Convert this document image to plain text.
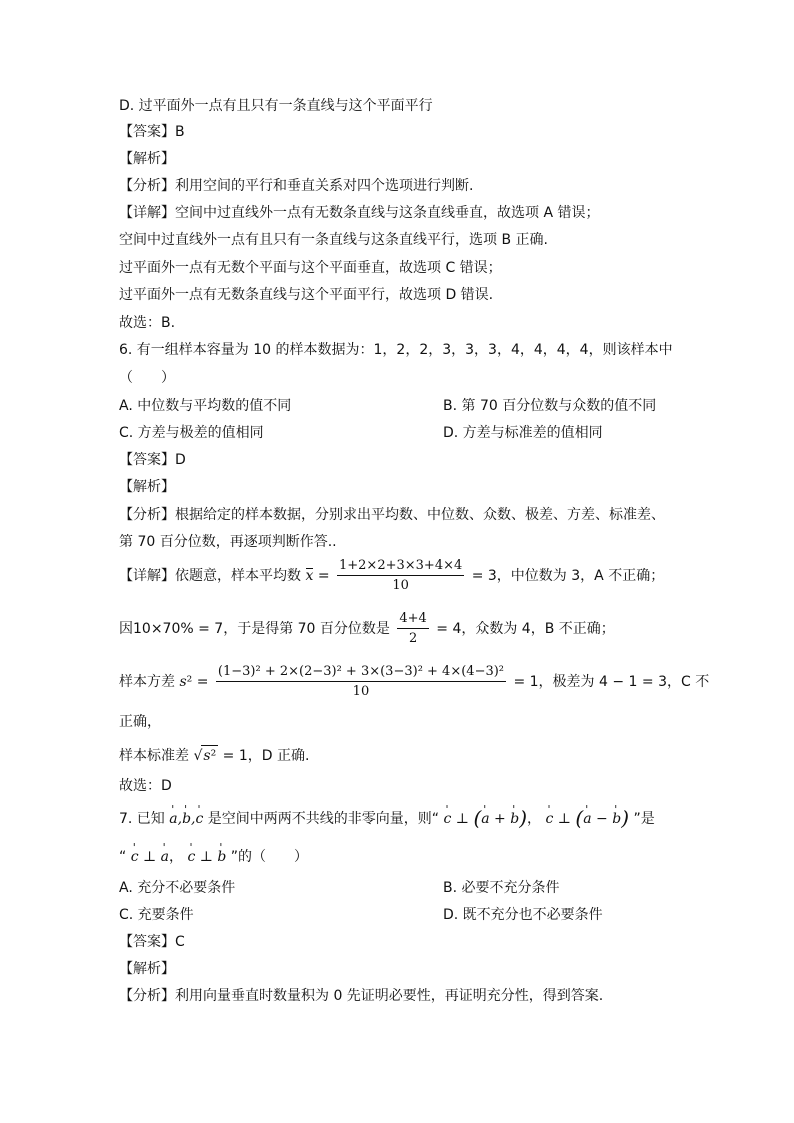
D. 过平面外一点有且只有一条直线与这个平面平行
【答案】B
【解析】
【分析】利用空间的平行和垂直关系对四个选项进行判断.
【详解】空间中过直线外一点有无数条直线与这条直线垂直，故选项 A 错误；
空间中过直线外一点有且只有一条直线与这条直线平行，选项 B 正确.
过平面外一点有无数个平面与这个平面垂直，故选项 C 错误；
过平面外一点有无数条直线与这个平面平行，故选项 D 错误.
故选：B.
6. 有一组样本容量为 10 的样本数据为：1，2，2，3，3，3，4，4，4，4，则该样本中
（　　）
A. 中位数与平均数的值不同	B. 第 70 百分位数与众数的值不同
C. 方差与极差的值相同	D. 方差与标准差的值相同
【答案】D
【解析】
【分析】根据给定的样本数据，分别求出平均数、中位数、众数、极差、方差、标准差、
第 70 百分位数，再逐项判断作答..
【详解】依题意，样本平均数 $x = \frac{1+2\times 2+3\times 3+4\times 4}{10} = 3$，中位数为 3，A 不正确；
因10×70% = 7，于是得第 70 百分位数是 $\frac{4+4}{2} = 4$，众数为 4，B 不正确；
样本方差 $s^2 = \frac{\text{(1−3)² + 2×(2−3)² + 3×(3−3)² + 4×(4−3)²}}{10} = 1$，极差为 4 − 1 = 3，C 不
正确，
样本标准差 √s² = 1，D 正确.
故选：D
7. 已知 ' a,' b,' c 是空间中两两不共线的非零向量，则“ ' c ⊥ (' a + ' b)， ' c ⊥ (' a − ' b) ”是
“ ' c ⊥ ' a， ' c ⊥ ' b ”的（　　）
A. 充分不必要条件	B. 必要不充分条件
C. 充要条件	D. 既不充分也不必要条件
【答案】C
【解析】
【分析】利用向量垂直时数量积为 0 先证明必要性，再证明充分性，得到答案.
